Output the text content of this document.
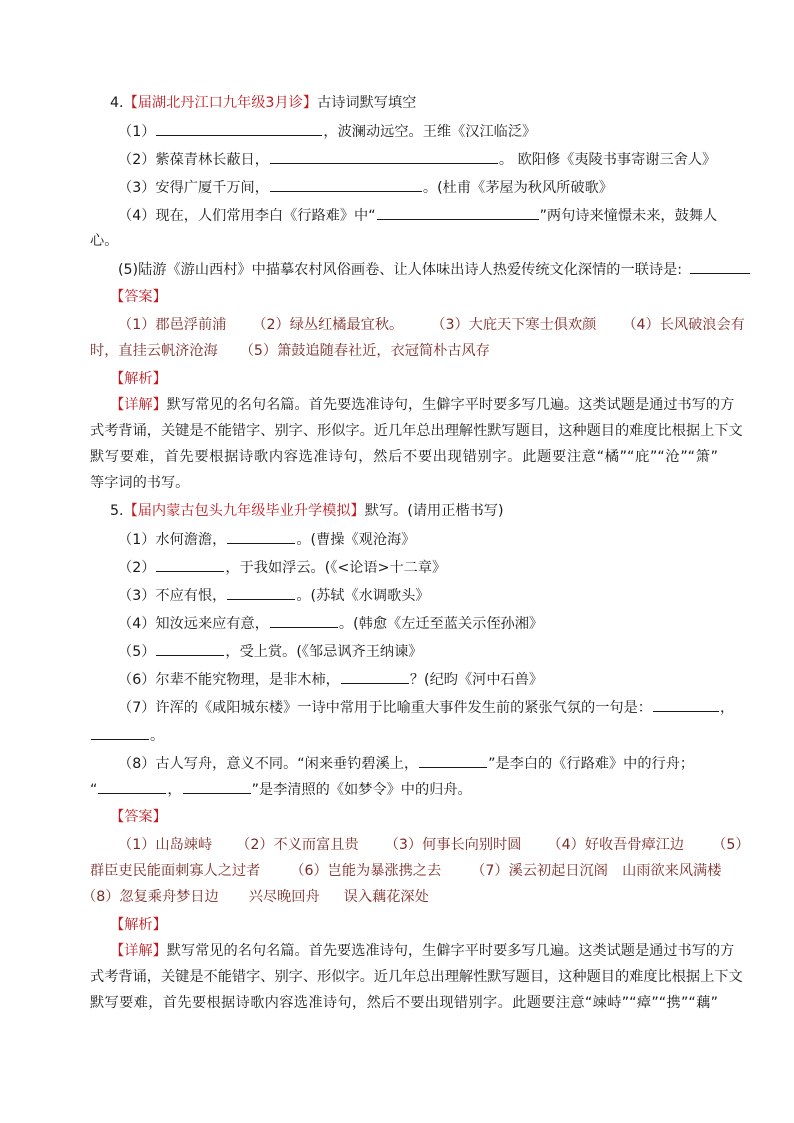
4.【届湖北丹江口九年级3月诊】古诗词默写填空
（1）	，波澜动远空。王维《汉江临泛》
（2）紫葆青林长蔽日，	。 欧阳修《夷陵书事寄谢三舍人》
（3）安得广厦千万间，	。(杜甫《茅屋为秋风所破歌》
（4）现在，人们常用李白《行路难》中“	”两句诗来憧憬未来，鼓舞人
心。
(5)陆游《游山西村》中描摹农村风俗画卷、让人体味出诗人热爱传统文化深情的一联诗是:
【答案】
（1）郡邑浮前浦 （2）绿丛红橘最宜秋。 （3）大庇天下寒士俱欢颜 （4）长风破浪会有
时，直挂云帆济沧海 （5）箫鼓追随春社近，衣冠简朴古风存
【解析】
【详解】默写常见的名句名篇。首先要选准诗句，生僻字平时要多写几遍。这类试题是通过书写的方
式考背诵，关键是不能错字、别字、形似字。近几年总出理解性默写题目，这种题目的难度比根据上下文
默写要难，首先要根据诗歌内容选准诗句，然后不要出现错别字。此题要注意“橘”“庇”“沧”“箫”
等字词的书写。
5.【届内蒙古包头九年级毕业升学模拟】默写。(请用正楷书写)
（1）水何澹澹，	。(曹操《观沧海》
（2）	，于我如浮云。(《<论语>十二章》
（3）不应有恨，	。(苏轼《水调歌头》
（4）知汝远来应有意，	。(韩愈《左迁至蓝关示侄孙湘》
（5）	，受上赏。(《邹忌讽齐王纳谏》
（6）尔辈不能究物理，是非木柿，	？(纪昀《河中石兽》
（7）许浑的《咸阳城东楼》一诗中常用于比喻重大事件发生前的紧张气氛的一句是：	，
。
（8）古人写舟，意义不同。“闲来垂钓碧溪上，	”是李白的《行路难》中的行舟；
“	，	”是李清照的《如梦令》中的归舟。
【答案】
（1）山岛竦峙 （2）不义而富且贵 （3）何事长向别时圆 （4）好收吾骨瘴江边 （5）
群臣吏民能面刺寡人之过者 （6）岂能为暴涨携之去 （7）溪云初起日沉阁　山雨欲来风满楼
（8）忽复乘舟梦日边 兴尽晚回舟 误入藕花深处
【解析】
【详解】默写常见的名句名篇。首先要选准诗句，生僻字平时要多写几遍。这类试题是通过书写的方
式考背诵，关键是不能错字、别字、形似字。近几年总出理解性默写题目，这种题目的难度比根据上下文
默写要难，首先要根据诗歌内容选准诗句，然后不要出现错别字。此题要注意“竦峙”“瘴”“携”“藕”
